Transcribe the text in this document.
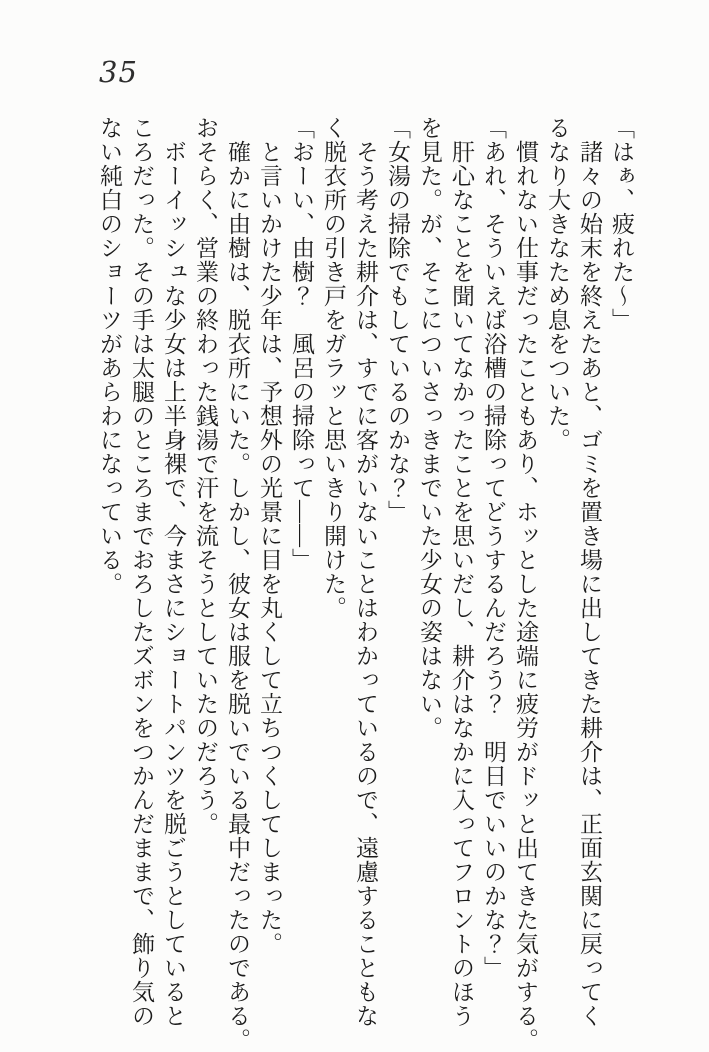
35

「はぁ、疲れた〜」

諸々の始末を終えたあと、ゴミを置き場に出してきた耕介は、正面玄関に戻ってく

るなり大きなため息をついた。

慣れない仕事だったこともあり、ホッとした途端に疲労がドッと出てきた気がする。

「あれ、そういえば浴槽の掃除ってどうするんだろう？　明日でいいのかな？」

肝心なことを聞いてなかったことを思いだし、耕介はなかに入ってフロントのほう

を見た。が、そこについさっきまでいた少女の姿はない。

「女湯の掃除でもしているのかな？」

そう考えた耕介は、すでに客がいないことはわかっているので、遠慮することもな

く脱衣所の引き戸をガラッと思いきり開けた。

「おーい、由樹？　風呂の掃除って——」

と言いかけた少年は、予想外の光景に目を丸くして立ちつくしてしまった。

確かに由樹は、脱衣所にいた。しかし、彼女は服を脱いでいる最中だったのである。

おそらく、営業の終わった銭湯で汗を流そうとしていたのだろう。

ボーイッシュな少女は上半身裸で、今まさにショートパンツを脱ごうとしていると

ころだった。その手は太腿のところまでおろしたズボンをつかんだままで、飾り気の

ない純白のショーツがあらわになっている。
